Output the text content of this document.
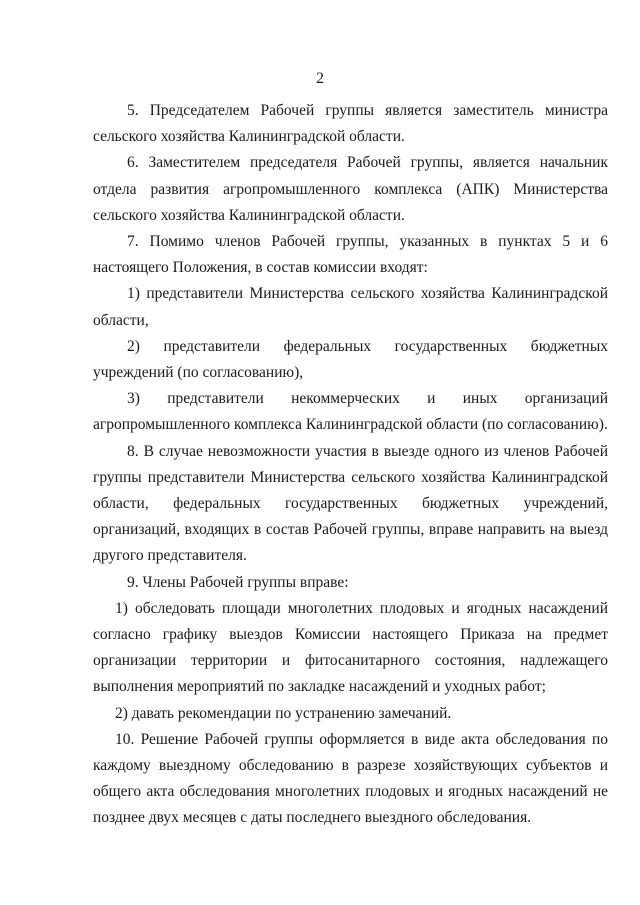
2

5. Председателем Рабочей группы является заместитель министра сельского хозяйства Калининградской области.

6. Заместителем председателя Рабочей группы, является начальник отдела развития агропромышленного комплекса (АПК) Министерства сельского хозяйства Калининградской области.

7. Помимо членов Рабочей группы, указанных в пунктах 5 и 6 настоящего Положения, в состав комиссии входят:

1) представители Министерства сельского хозяйства Калининградской области,

2) представители федеральных государственных бюджетных учреждений (по согласованию),

3) представители некоммерческих и иных организаций агропромышленного комплекса Калининградской области (по согласованию).

8. В случае невозможности участия в выезде одного из членов Рабочей группы представители Министерства сельского хозяйства Калининградской области, федеральных государственных бюджетных учреждений, организаций, входящих в состав Рабочей группы, вправе направить на выезд другого представителя.

9. Члены Рабочей группы вправе:

1) обследовать площади многолетних плодовых и ягодных насаждений согласно графику выездов Комиссии настоящего Приказа на предмет организации территории и фитосанитарного состояния, надлежащего выполнения мероприятий по закладке насаждений и уходных работ;

2) давать рекомендации по устранению замечаний.

10. Решение Рабочей группы оформляется в виде акта обследования по каждому выездному обследованию в разрезе хозяйствующих субъектов и общего акта обследования многолетних плодовых и ягодных насаждений не позднее двух месяцев с даты последнего выездного обследования.
